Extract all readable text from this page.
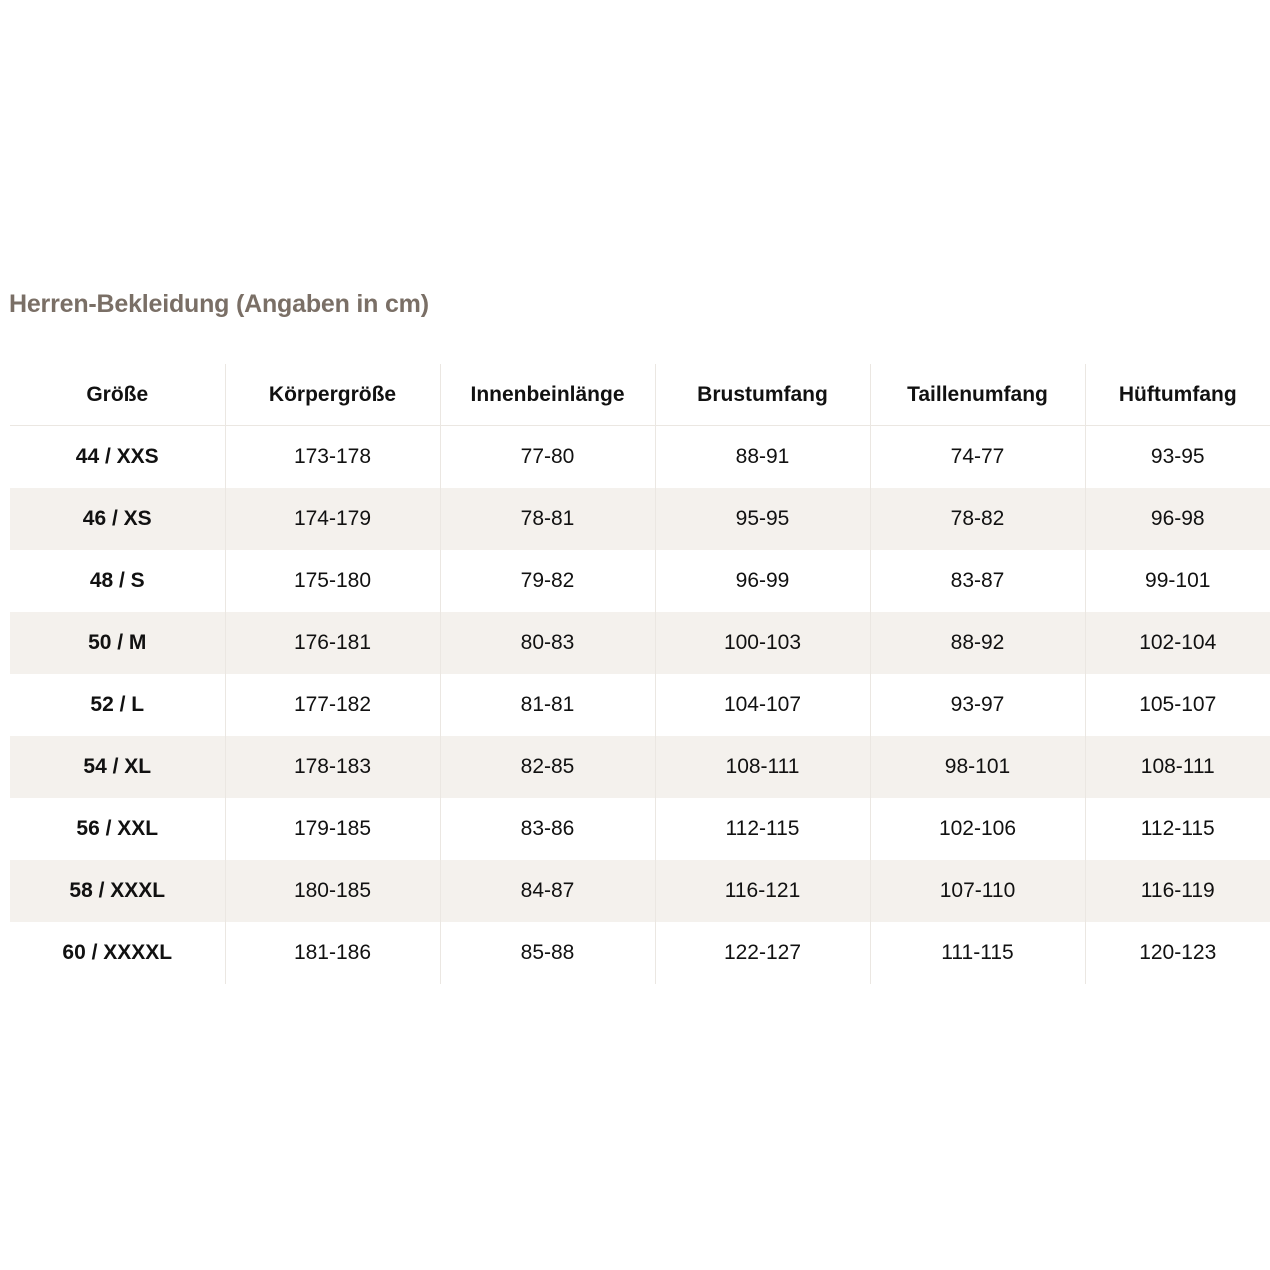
Herren-Bekleidung (Angaben in cm)
Größe	Körpergröße	Innenbeinlänge	Brustumfang	Taillenumfang	Hüftumfang
44 / XXS	173-178	77-80	88-91	74-77	93-95
46 / XS	174-179	78-81	95-95	78-82	96-98
48 / S	175-180	79-82	96-99	83-87	99-101
50 / M	176-181	80-83	100-103	88-92	102-104
52 / L	177-182	81-81	104-107	93-97	105-107
54 / XL	178-183	82-85	108-111	98-101	108-111
56 / XXL	179-185	83-86	112-115	102-106	112-115
58 / XXXL	180-185	84-87	116-121	107-110	116-119
60 / XXXXL	181-186	85-88	122-127	111-115	120-123
